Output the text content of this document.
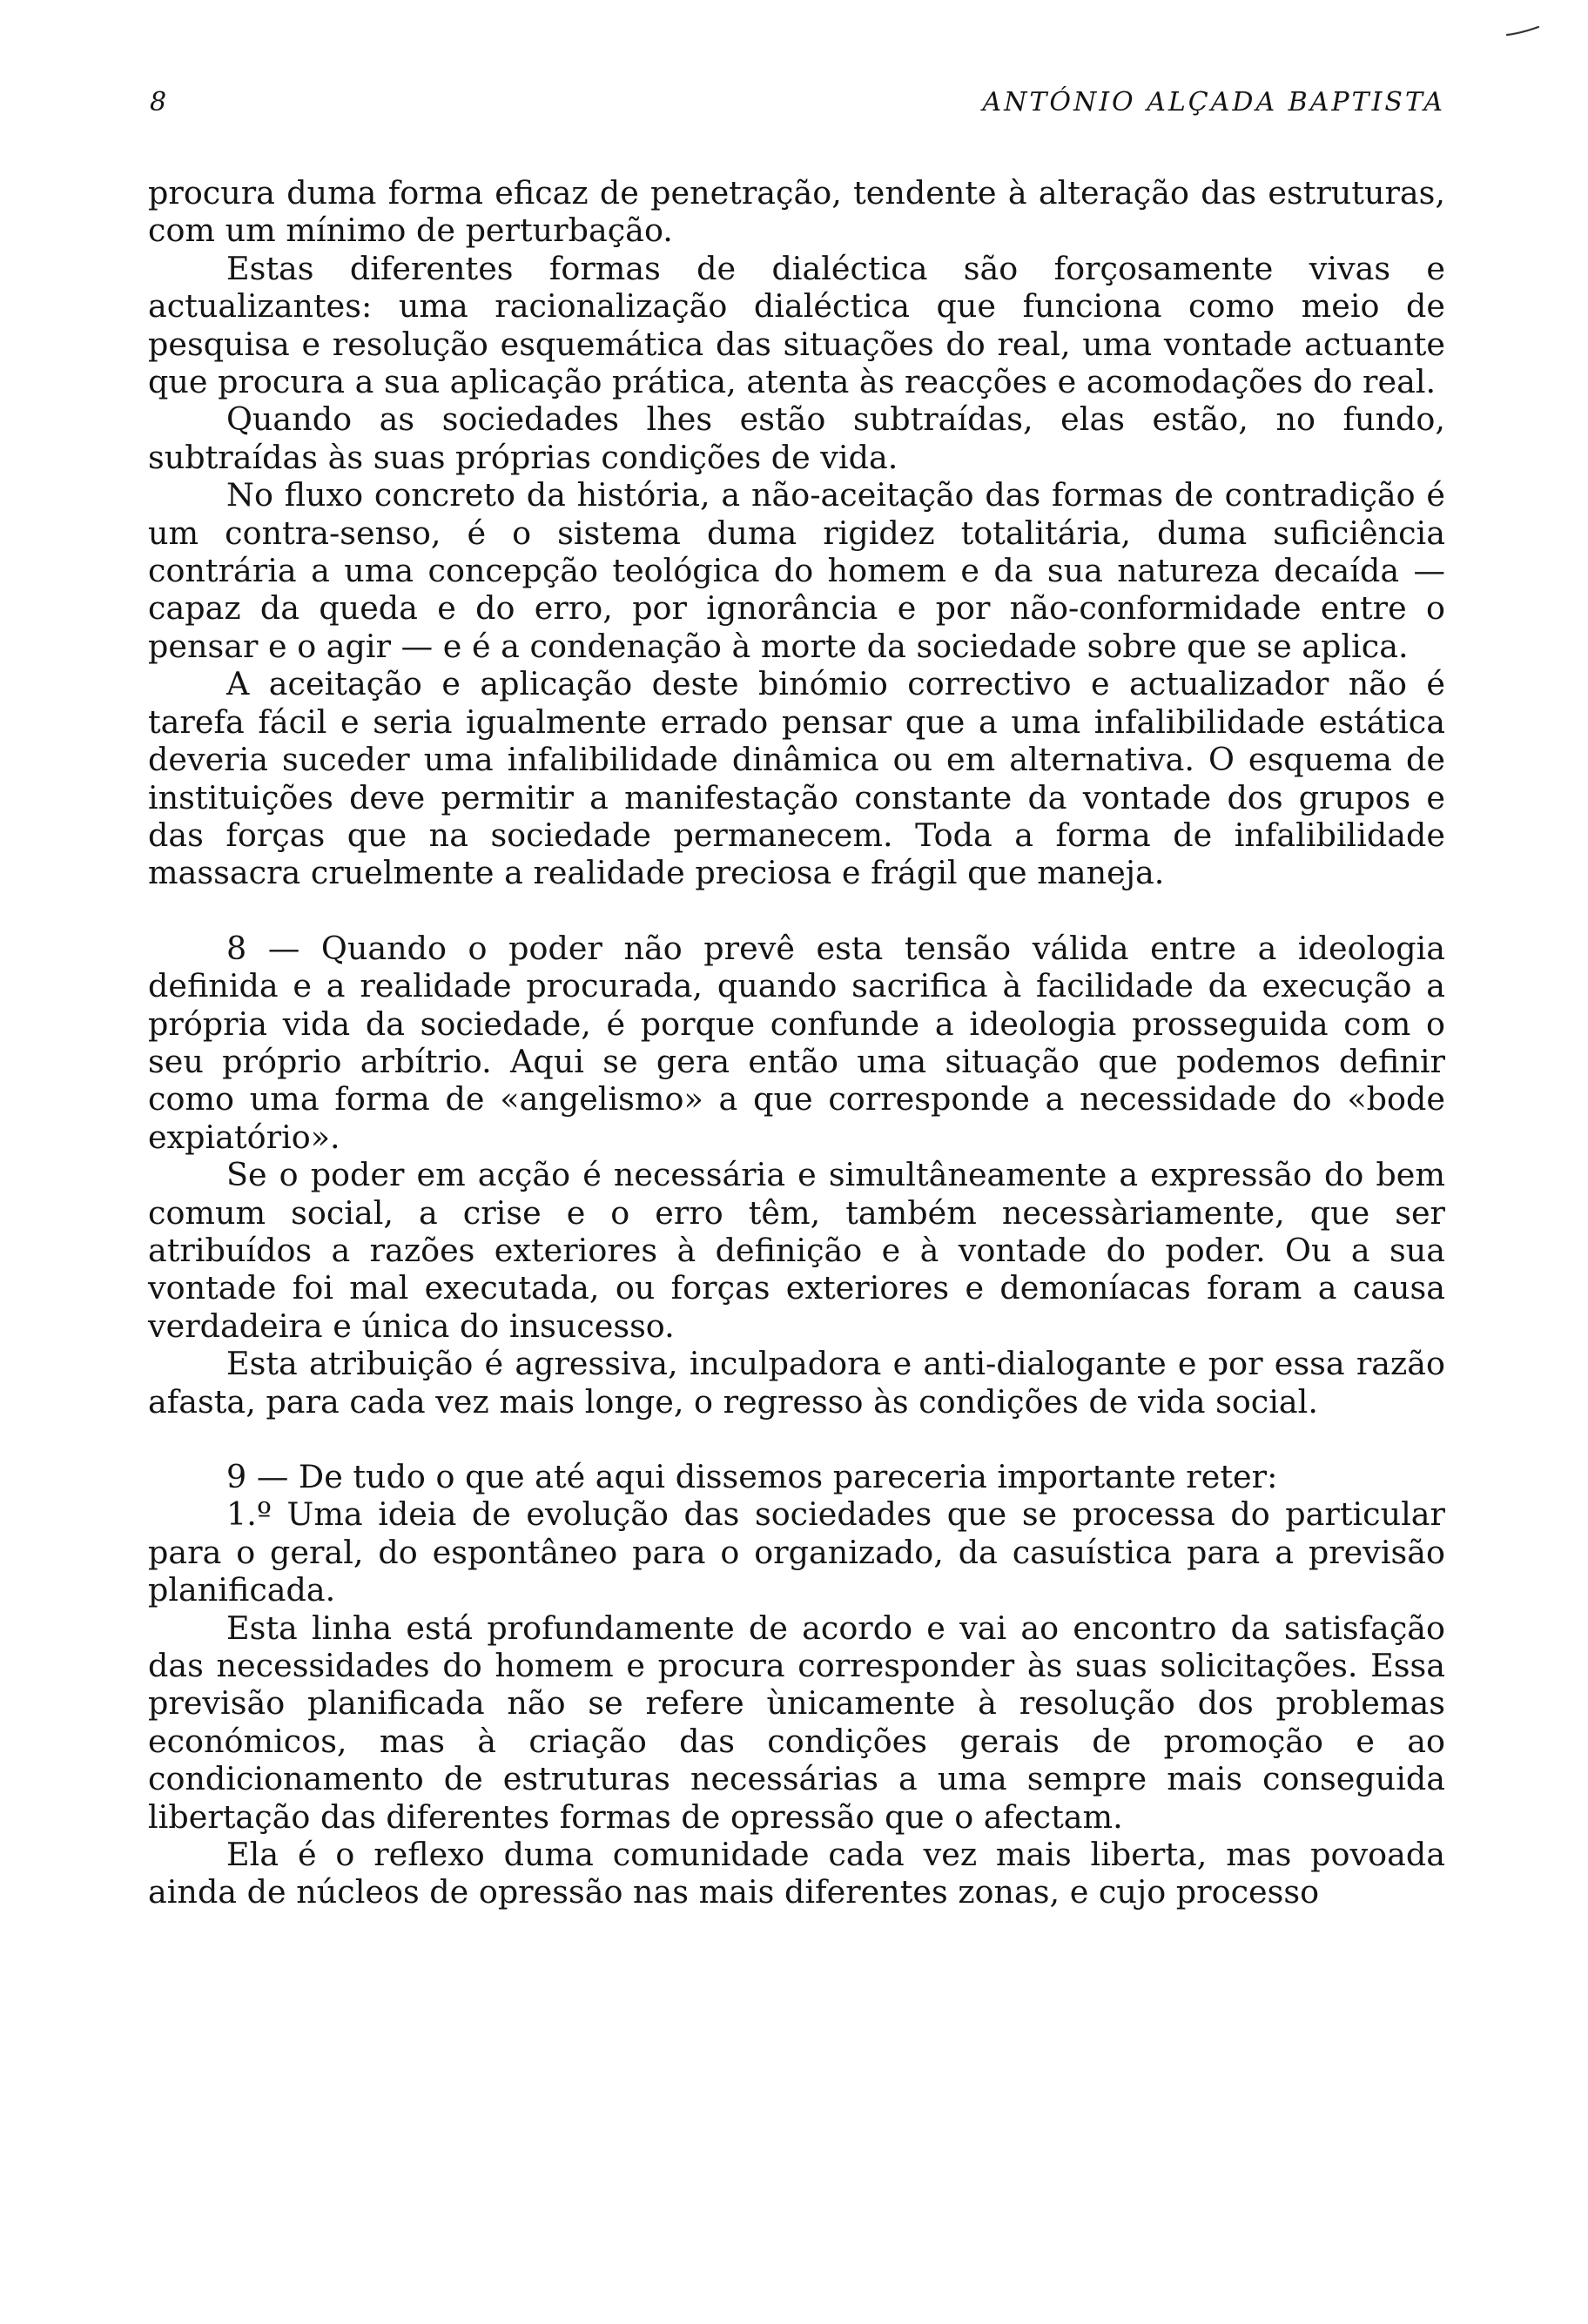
8	ANTÓNIO ALÇADA BAPTISTA

procura duma forma eficaz de penetração, tendente à alteração das estruturas, com um mínimo de perturbação.

Estas diferentes formas de dialéctica são forçosamente vivas e actualizantes: uma racionalização dialéctica que funciona como meio de pesquisa e resolução esquemática das situações do real, uma vontade actuante que procura a sua aplicação prática, atenta às reacções e acomodações do real.

Quando as sociedades lhes estão subtraídas, elas estão, no fundo, subtraídas às suas próprias condições de vida.

No fluxo concreto da história, a não-aceitação das formas de contradição é um contra-senso, é o sistema duma rigidez totalitária, duma suficiência contrária a uma concepção teológica do homem e da sua natureza decaída — capaz da queda e do erro, por ignorância e por não-conformidade entre o pensar e o agir — e é a condenação à morte da sociedade sobre que se aplica.

A aceitação e aplicação deste binómio correctivo e actualizador não é tarefa fácil e seria igualmente errado pensar que a uma infalibilidade estática deveria suceder uma infalibilidade dinâmica ou em alternativa. O esquema de instituições deve permitir a manifestação constante da vontade dos grupos e das forças que na sociedade permanecem. Toda a forma de infalibilidade massacra cruelmente a realidade preciosa e frágil que maneja.

8 — Quando o poder não prevê esta tensão válida entre a ideologia definida e a realidade procurada, quando sacrifica à facilidade da execução a própria vida da sociedade, é porque confunde a ideologia prosseguida com o seu próprio arbítrio. Aqui se gera então uma situação que podemos definir como uma forma de «angelismo» a que corresponde a necessidade do «bode expiatório».

Se o poder em acção é necessária e simultâneamente a expressão do bem comum social, a crise e o erro têm, também necessàriamente, que ser atribuídos a razões exteriores à definição e à vontade do poder. Ou a sua vontade foi mal executada, ou forças exteriores e demoníacas foram a causa verdadeira e única do insucesso.

Esta atribuição é agressiva, inculpadora e anti-dialogante e por essa razão afasta, para cada vez mais longe, o regresso às condições de vida social.

9 — De tudo o que até aqui dissemos pareceria importante reter:

1.º Uma ideia de evolução das sociedades que se processa do particular para o geral, do espontâneo para o organizado, da casuística para a previsão planificada.

Esta linha está profundamente de acordo e vai ao encontro da satisfação das necessidades do homem e procura corresponder às suas solicitações. Essa previsão planificada não se refere ùnicamente à resolução dos problemas económicos, mas à criação das condições gerais de promoção e ao condicionamento de estruturas necessárias a uma sempre mais conseguida libertação das diferentes formas de opressão que o afectam.

Ela é o reflexo duma comunidade cada vez mais liberta, mas povoada ainda de núcleos de opressão nas mais diferentes zonas, e cujo processo
